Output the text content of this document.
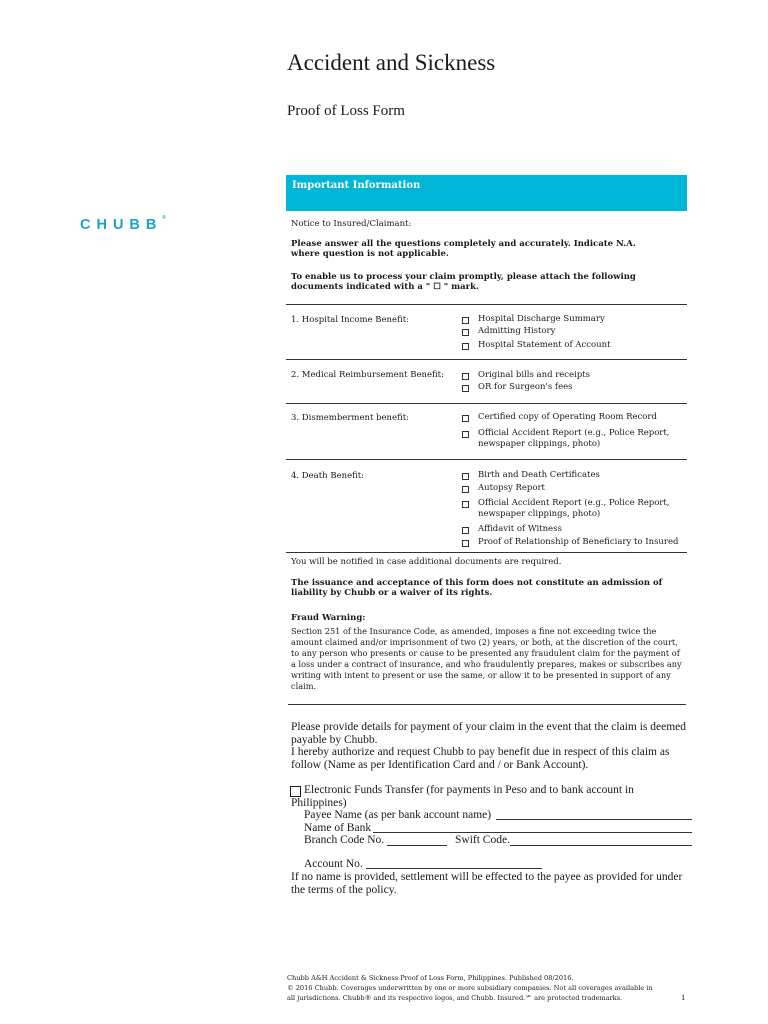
Accident and Sickness
Proof of Loss Form
CHUBB®
Important Information
Notice to Insured/Claimant:
Please answer all the questions completely and accurately. Indicate N.A. where question is not applicable.
To enable us to process your claim promptly, please attach the following documents indicated with a " ☐ " mark.
1. Hospital Income Benefit:	Hospital Discharge Summary
Admitting History
Hospital Statement of Account
2. Medical Reimbursement Benefit:	Original bills and receipts
OR for Surgeon's fees
3. Dismemberment benefit:	Certified copy of Operating Room Record
Official Accident Report (e.g., Police Report, newspaper clippings, photo)
4. Death Benefit:	Birth and Death Certificates
Autopsy Report
Official Accident Report (e.g., Police Report, newspaper clippings, photo)
Affidavit of Witness
Proof of Relationship of Beneficiary to Insured
You will be notified in case additional documents are required.
The issuance and acceptance of this form does not constitute an admission of liability by Chubb or a waiver of its rights.
Fraud Warning:
Section 251 of the Insurance Code, as amended, imposes a fine not exceeding twice the amount claimed and/or imprisonment of two (2) years, or both, at the discretion of the court, to any person who presents or cause to be presented any fraudulent claim for the payment of a loss under a contract of insurance, and who fraudulently prepares, makes or subscribes any writing with intent to present or use the same, or allow it to be presented in support of any claim.
Please provide details for payment of your claim in the event that the claim is deemed payable by Chubb.
I hereby authorize and request Chubb to pay benefit due in respect of this claim as follow (Name as per Identification Card and / or Bank Account).
Electronic Funds Transfer (for payments in Peso and to bank account in Philippines)
Payee Name (as per bank account name)
Name of Bank
Branch Code No.	Swift Code.
Account No.
If no name is provided, settlement will be effected to the payee as provided for under the terms of the policy.
Chubb A&H Accident & Sickness Proof of Loss Form, Philippines. Published 08/2016.
© 2016 Chubb. Coverages underwritten by one or more subsidiary companies. Not all coverages available in
all jurisdictions. Chubb® and its respective logos, and Chubb. Insured.℠ are protected trademarks.	1
